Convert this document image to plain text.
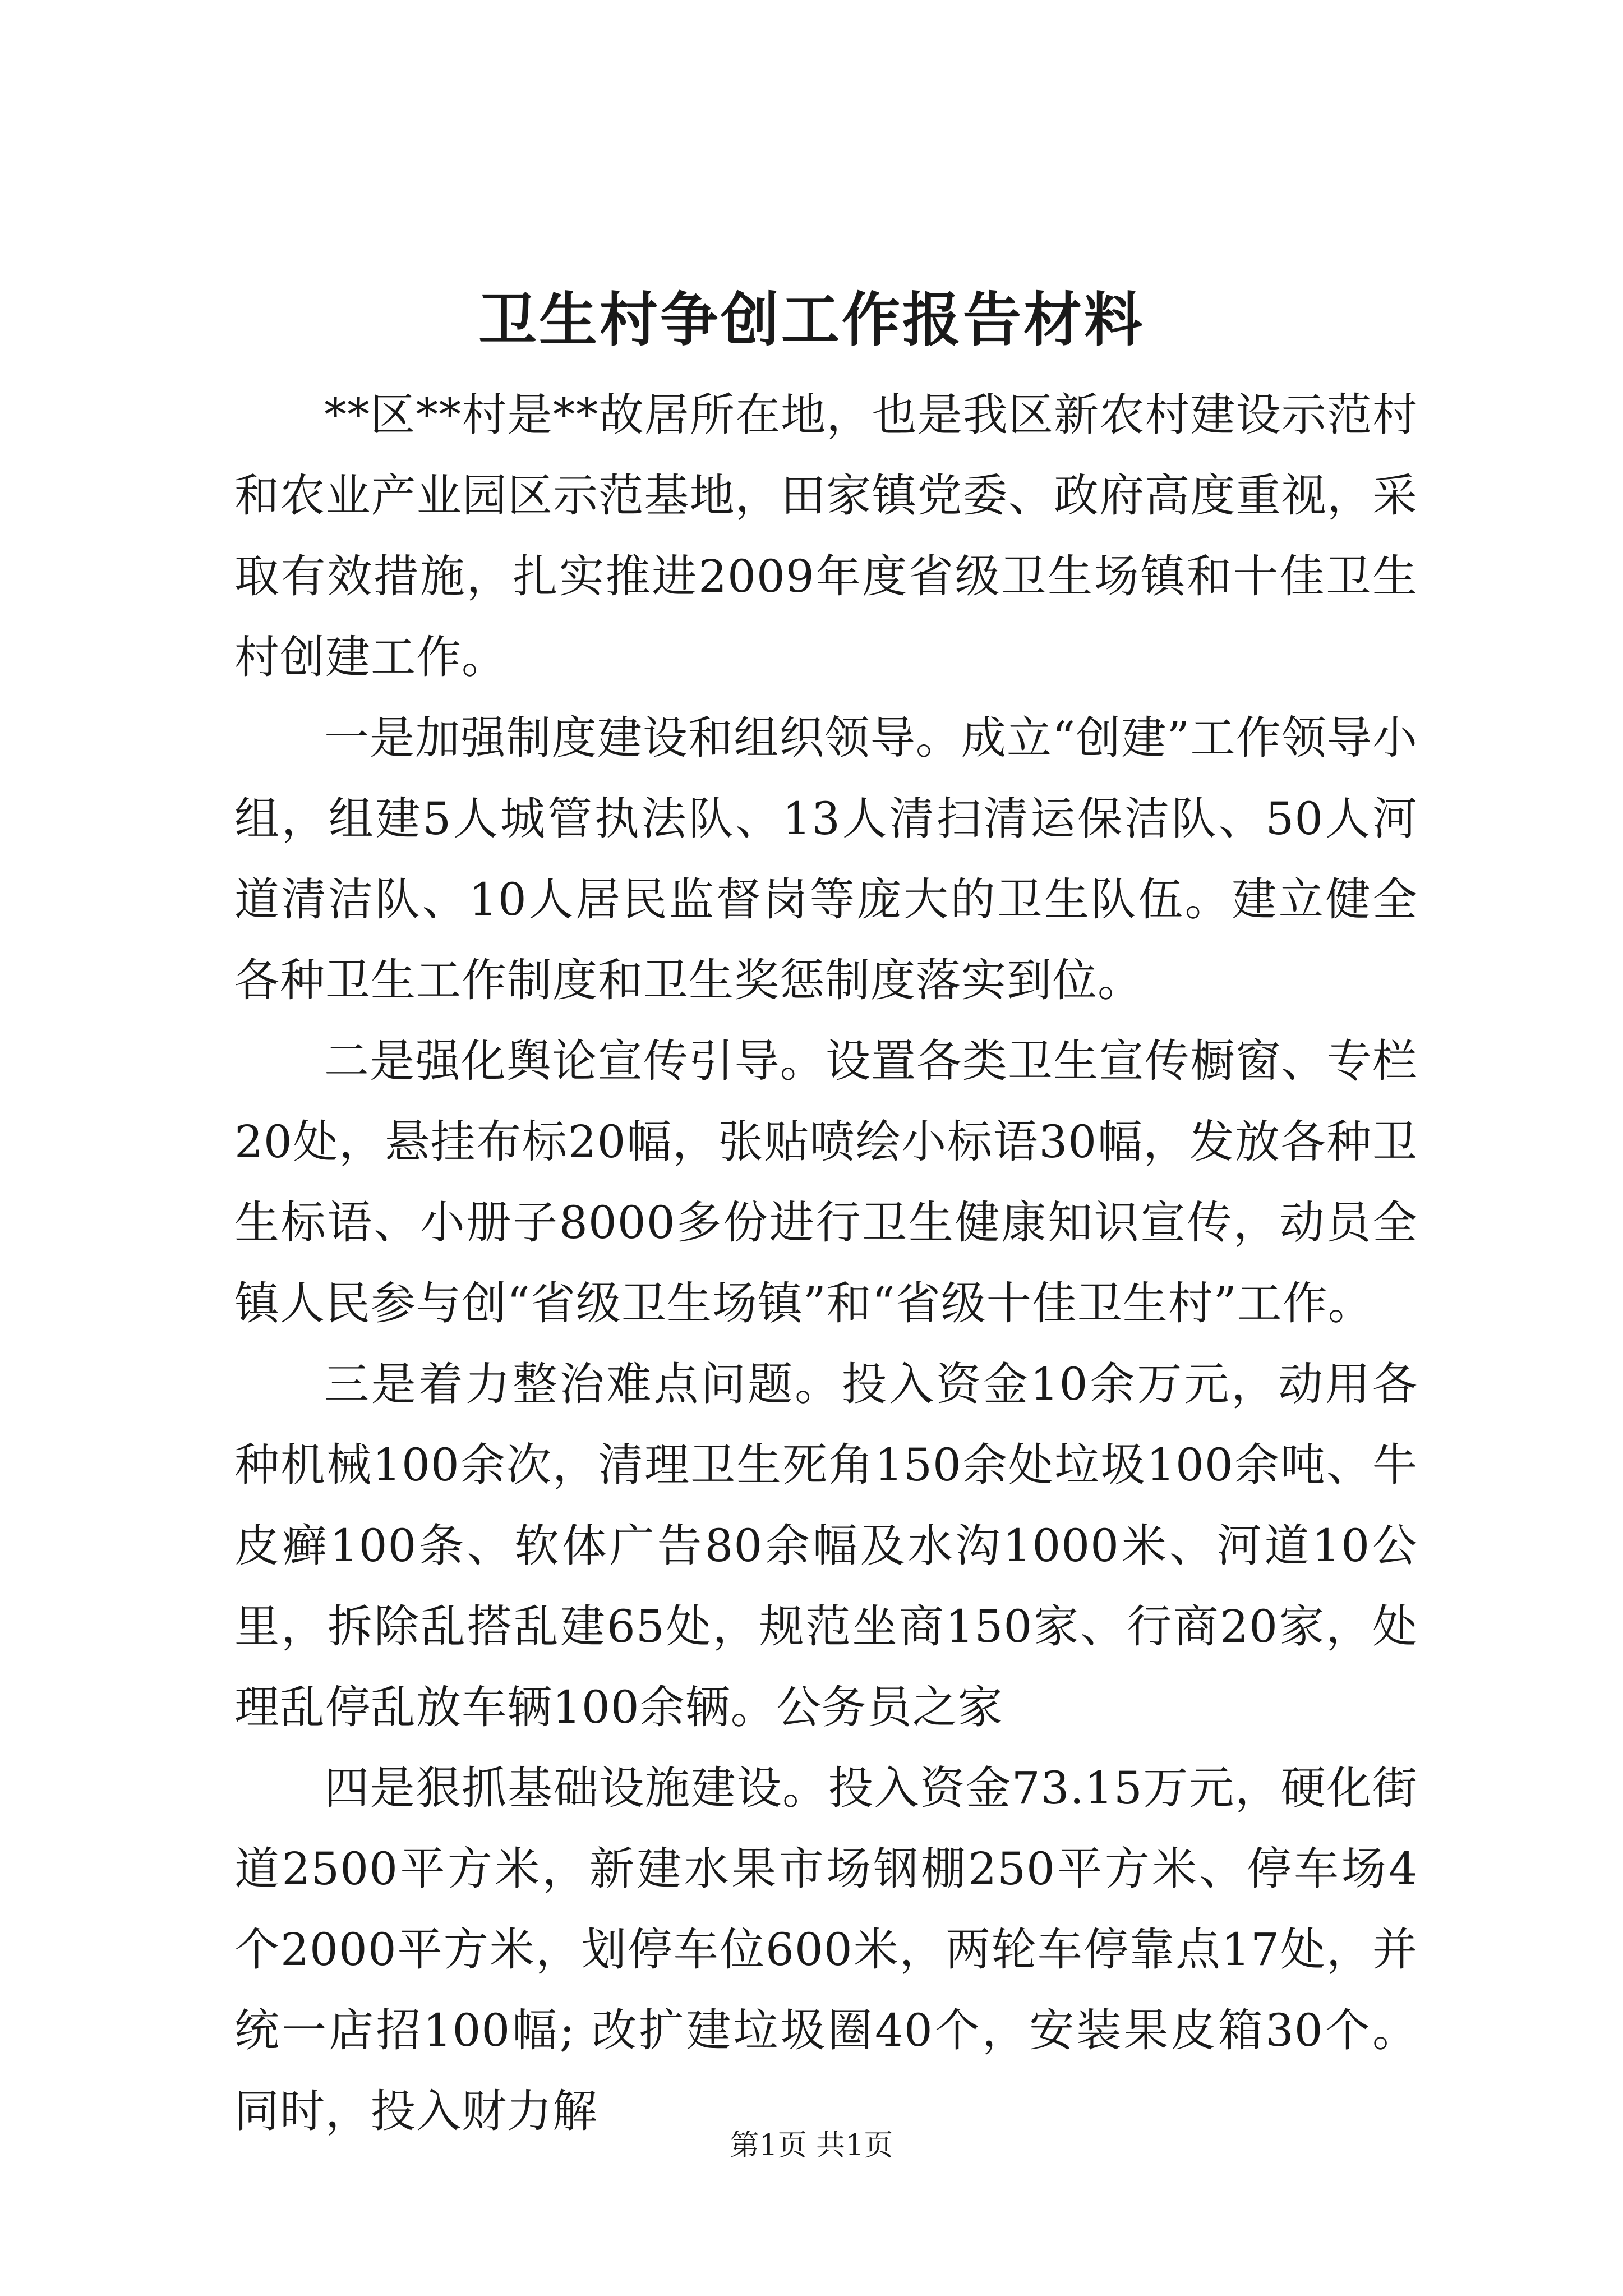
卫生村争创工作报告材料

**区**村是**故居所在地，也是我区新农村建设示范村和农业产业园区示范基地，田家镇党委、政府高度重视，采取有效措施，扎实推进2009年度省级卫生场镇和十佳卫生村创建工作。

一是加强制度建设和组织领导。成立“创建”工作领导小组，组建5人城管执法队、13人清扫清运保洁队、50人河道清洁队、10人居民监督岗等庞大的卫生队伍。建立健全各种卫生工作制度和卫生奖惩制度落实到位。

二是强化舆论宣传引导。设置各类卫生宣传橱窗、专栏20处，悬挂布标20幅，张贴喷绘小标语30幅，发放各种卫生标语、小册子8000多份进行卫生健康知识宣传，动员全镇人民参与创“省级卫生场镇”和“省级十佳卫生村”工作。

三是着力整治难点问题。投入资金10余万元，动用各种机械100余次，清理卫生死角150余处垃圾100余吨、牛皮癣100条、软体广告80余幅及水沟1000米、河道10公里，拆除乱搭乱建65处，规范坐商150家、行商20家，处理乱停乱放车辆100余辆。公务员之家

四是狠抓基础设施建设。投入资金73.15万元，硬化街道2500平方米，新建水果市场钢棚250平方米、停车场4个2000平方米，划停车位600米，两轮车停靠点17处，并统一店招100幅; 改扩建垃圾圈40个，安装果皮箱30个。同时，投入财力解

第1页 共1页
